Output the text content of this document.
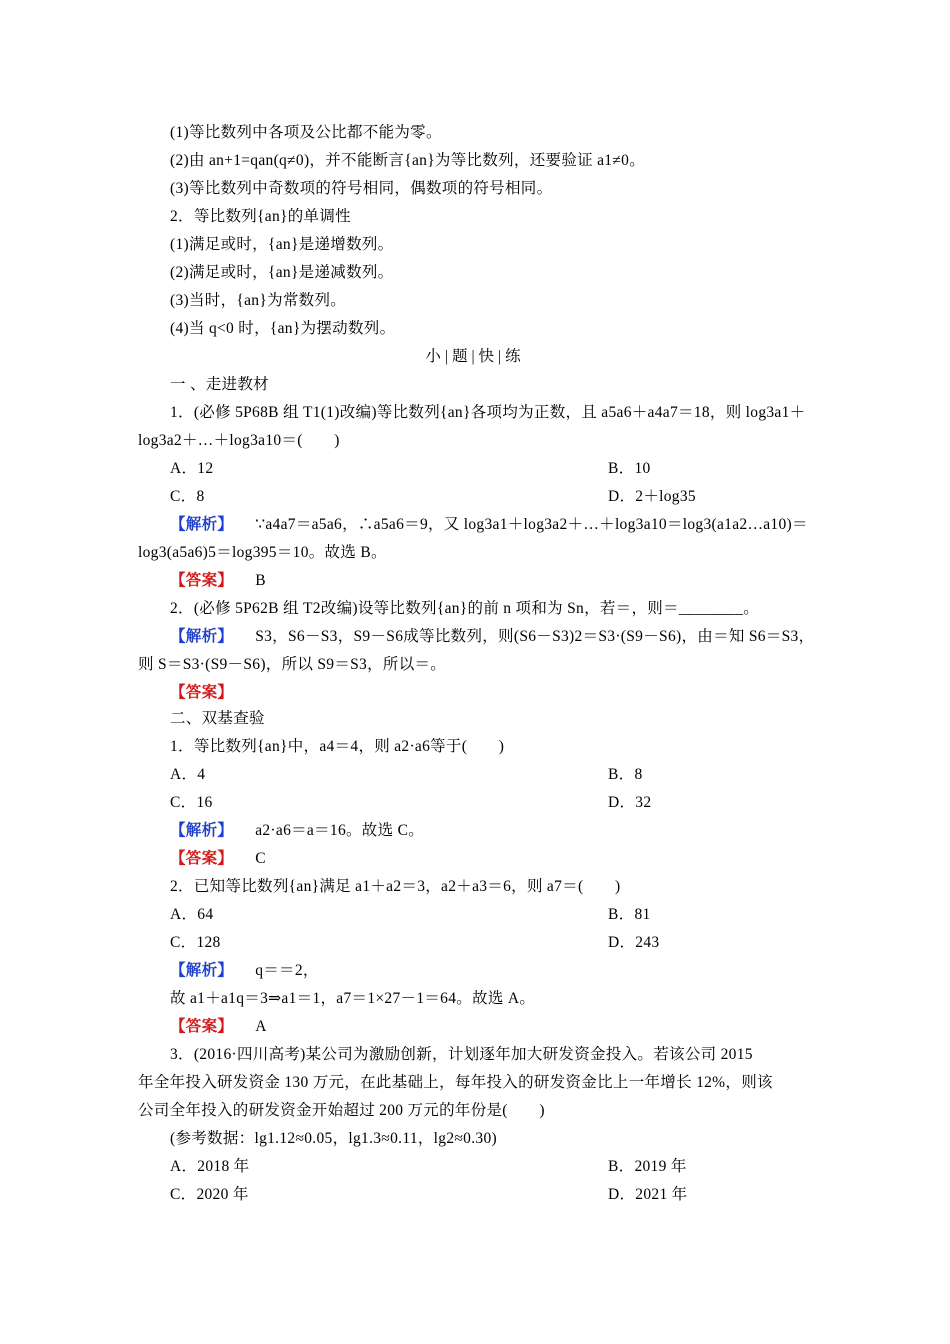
(1)等比数列中各项及公比都不能为零。
(2)由 an+1=qan(q≠0)，并不能断言{an}为等比数列，还要验证 a1≠0。
(3)等比数列中奇数项的符号相同，偶数项的符号相同。
2．等比数列{an}的单调性
(1)满足或时，{an}是递增数列。
(2)满足或时，{an}是递减数列。
(3)当时，{an}为常数列。
(4)当 q<0 时，{an}为摆动数列。
小|题|快|练
一 、走进教材
1．(必修 5P68B 组 T1(1)改编)等比数列{an}各项均为正数，且 a5a6＋a4a7＝18，则 log3a1＋
log3a2＋…＋log3a10＝(　　)
A．12	B．10
C．8	D．2＋log35
【解析】 ∵a4a7＝a5a6，∴a5a6＝9，又 log3a1＋log3a2＋…＋log3a10＝log3(a1a2…a10)＝
log3(a5a6)5＝log395＝10。故选 B。
【答案】 B
2．(必修 5P62B 组 T2改编)设等比数列{an}的前 n 项和为 Sn，若＝，则＝________。
【解析】 S3，S6－S3，S9－S6成等比数列，则(S6－S3)2＝S3·(S9－S6)，由＝知 S6＝S3，
则 S＝S3·(S9－S6)，所以 S9＝S3，所以＝。
【答案】
二、双基查验
1．等比数列{an}中，a4＝4，则 a2·a6等于(　　)
A．4	B．8
C．16	D．32
【解析】 a2·a6＝a＝16。故选 C。
【答案】 C
2．已知等比数列{an}满足 a1＋a2＝3，a2＋a3＝6，则 a7＝(　　)
A．64	B．81
C．128	D．243
【解析】 q＝＝2，
故 a1＋a1q＝3⇒a1＝1，a7＝1×27－1＝64。故选 A。
【答案】 A
3．(2016·四川高考)某公司为激励创新，计划逐年加大研发资金投入。若该公司 2015
年全年投入研发资金 130 万元，在此基础上，每年投入的研发资金比上一年增长 12%，则该
公司全年投入的研发资金开始超过 200 万元的年份是(　　)
(参考数据：lg1.12≈0.05，lg1.3≈0.11，lg2≈0.30)
A．2018 年	B．2019 年
C．2020 年	D．2021 年
